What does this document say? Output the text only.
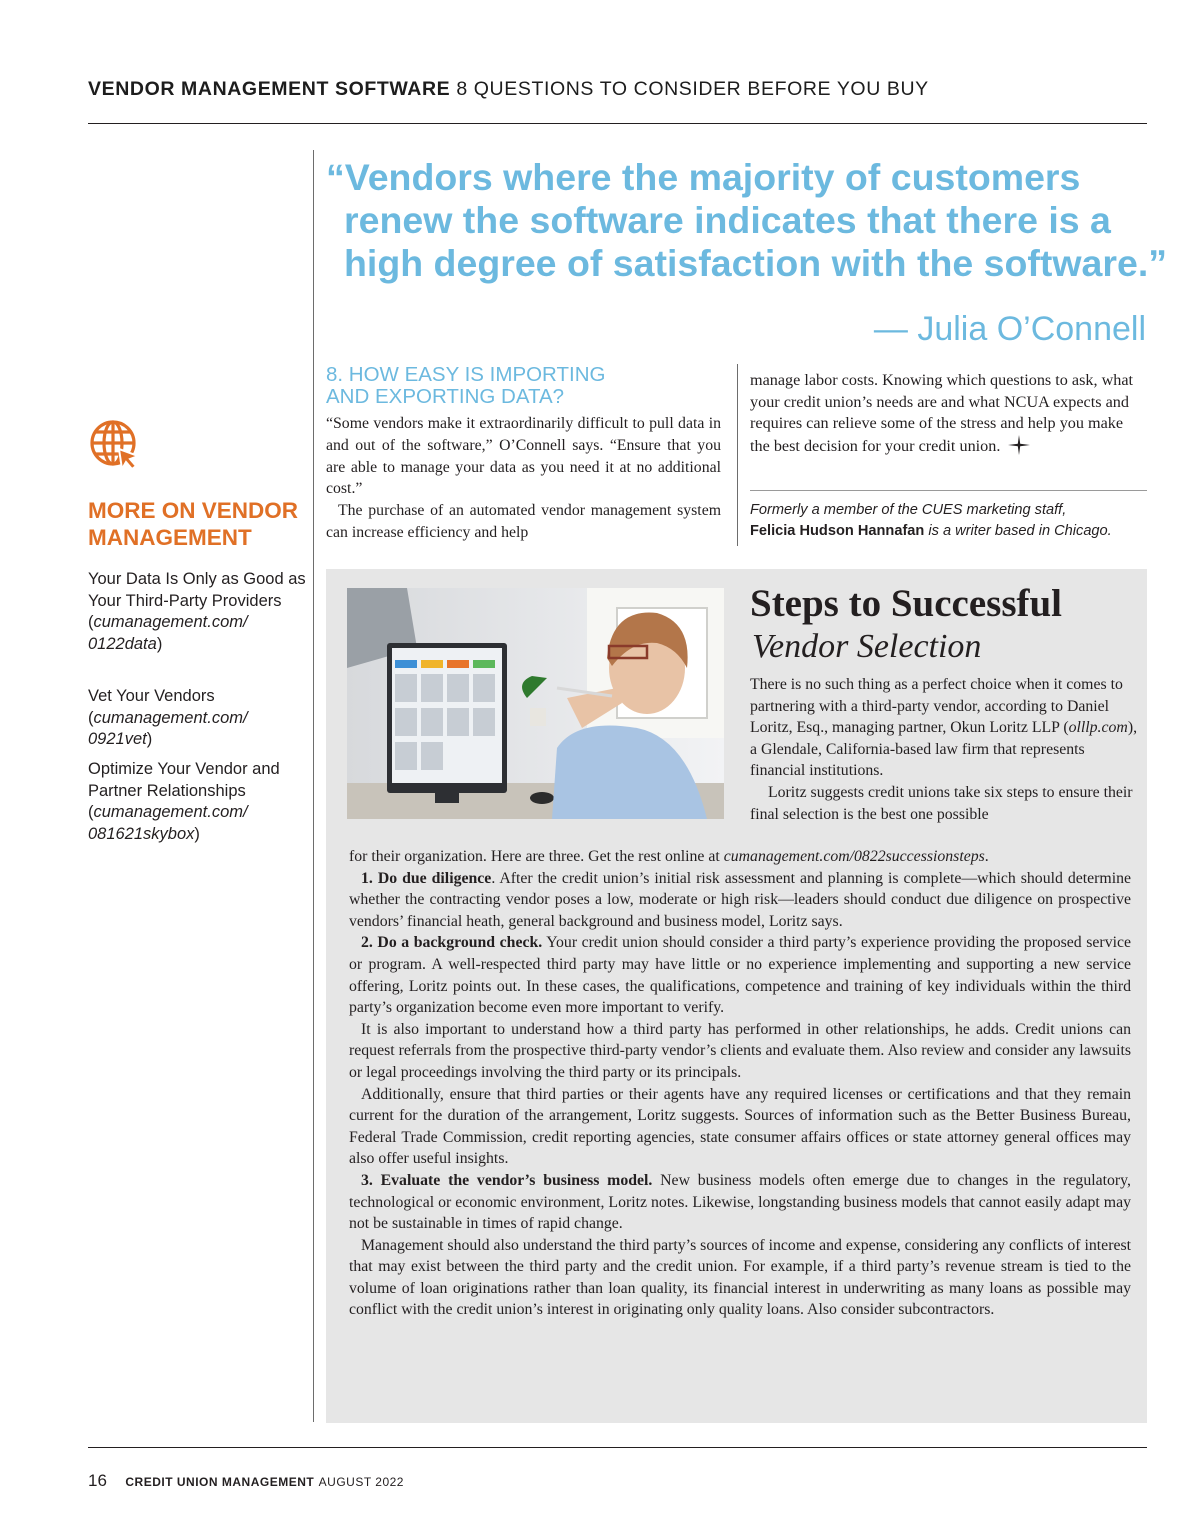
VENDOR MANAGEMENT SOFTWARE 8 QUESTIONS TO CONSIDER BEFORE YOU BUY
“Vendors where the majority of customers
renew the software indicates that there is a
high degree of satisfaction with the software.”
— Julia O’Connell
MORE ON VENDOR MANAGEMENT
Your Data Is Only as Good as Your Third-Party Providers
(cumanagement.com/ 0122data)
Vet Your Vendors
(cumanagement.com/ 0921vet)
Optimize Your Vendor and Partner Relationships
(cumanagement.com/ 081621skybox)
8. HOW EASY IS IMPORTING
AND EXPORTING DATA?

“Some vendors make it extraordinarily difficult to pull data in and out of the software,” O’Connell says. “Ensure that you are able to manage your data as you need it at no additional cost.”

The purchase of an automated vendor management system can increase efficiency and help

manage labor costs. Knowing which questions to ask, what your credit union’s needs are and what NCUA expects and requires can relieve some of the stress and help you make the best decision for your credit union.

Formerly a member of the CUES marketing staff,
Felicia Hudson Hannafan is a writer based in Chicago.
Steps to Successful
Vendor Selection

There is no such thing as a perfect choice when it comes to partnering with a third-party vendor, according to Daniel Loritz, Esq., managing partner, Okun Loritz LLP (olllp.com), a Glendale, California-based law firm that represents financial institutions.

Loritz suggests credit unions take six steps to ensure their final selection is the best one possible

for their organization. Here are three. Get the rest online at cumanagement.com/0822successionsteps.

1. Do due diligence. After the credit union’s initial risk assessment and planning is complete—which should determine whether the contracting vendor poses a low, moderate or high risk—leaders should conduct due diligence on prospective vendors’ financial heath, general background and business model, Loritz says.

2. Do a background check. Your credit union should consider a third party’s experience providing the proposed service or program. A well-respected third party may have little or no experience implementing and supporting a new service offering, Loritz points out. In these cases, the qualifications, competence and training of key individuals within the third party’s organization become even more important to verify.

It is also important to understand how a third party has performed in other relationships, he adds. Credit unions can request referrals from the prospective third-party vendor’s clients and evaluate them. Also review and consider any lawsuits or legal proceedings involving the third party or its principals.

Additionally, ensure that third parties or their agents have any required licenses or certifications and that they remain current for the duration of the arrangement, Loritz suggests. Sources of information such as the Better Business Bureau, Federal Trade Commission, credit reporting agencies, state consumer affairs offices or state attorney general offices may also offer useful insights.

3. Evaluate the vendor’s business model. New business models often emerge due to changes in the regulatory, technological or economic environment, Loritz notes. Likewise, longstanding business models that cannot easily adapt may not be sustainable in times of rapid change.

Management should also understand the third party’s sources of income and expense, considering any conflicts of interest that may exist between the third party and the credit union. For example, if a third party’s revenue stream is tied to the volume of loan originations rather than loan quality, its financial interest in underwriting as many loans as possible may conflict with the credit union’s interest in originating only quality loans. Also consider subcontractors.

16 CREDIT UNION MANAGEMENT AUGUST 2022
